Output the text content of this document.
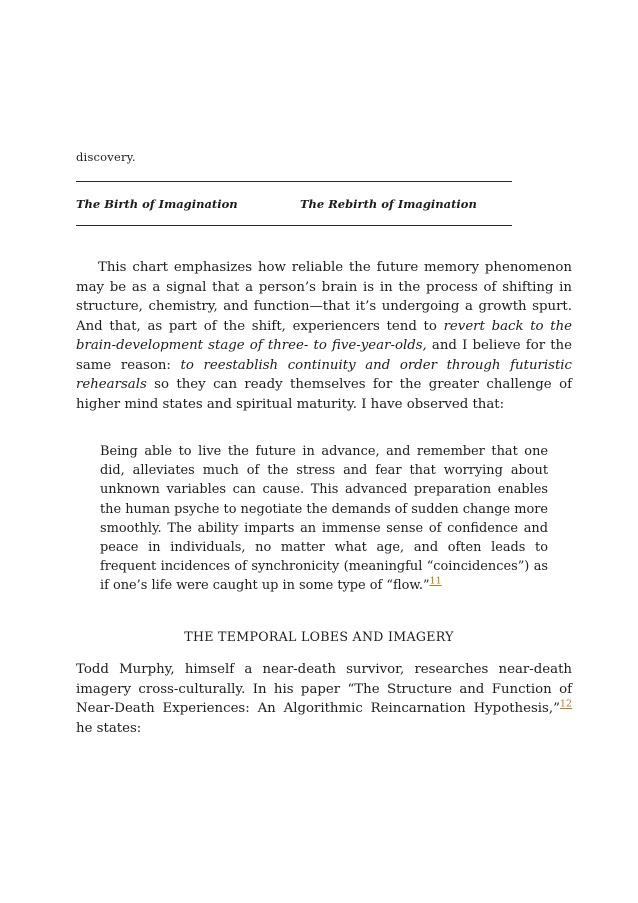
discovery.
The Birth of Imagination	The Rebirth of Imagination

This chart emphasizes how reliable the future memory phenomenon may be as a signal that a person’s brain is in the process of shifting in structure, chemistry, and function—that it’s undergoing a growth spurt. And that, as part of the shift, experiencers tend to revert back to the brain-development stage of three- to five-year-olds, and I believe for the same reason: to reestablish continuity and order through futuristic rehearsals so they can ready themselves for the greater challenge of higher mind states and spiritual maturity. I have observed that:

Being able to live the future in advance, and remember that one did, alleviates much of the stress and fear that worrying about unknown variables can cause. This advanced preparation enables the human psyche to negotiate the demands of sudden change more smoothly. The ability imparts an immense sense of confidence and peace in individuals, no matter what age, and often leads to frequent incidences of synchronicity (meaningful “coincidences”) as if one’s life were caught up in some type of “flow.”$^{11}$

THE TEMPORAL LOBES AND IMAGERY

Todd Murphy, himself a near-death survivor, researches near-death imagery cross-culturally. In his paper “The Structure and Function of Near-Death Experiences: An Algorithmic Reincarnation Hypothesis,”$^{12}$ he states:
